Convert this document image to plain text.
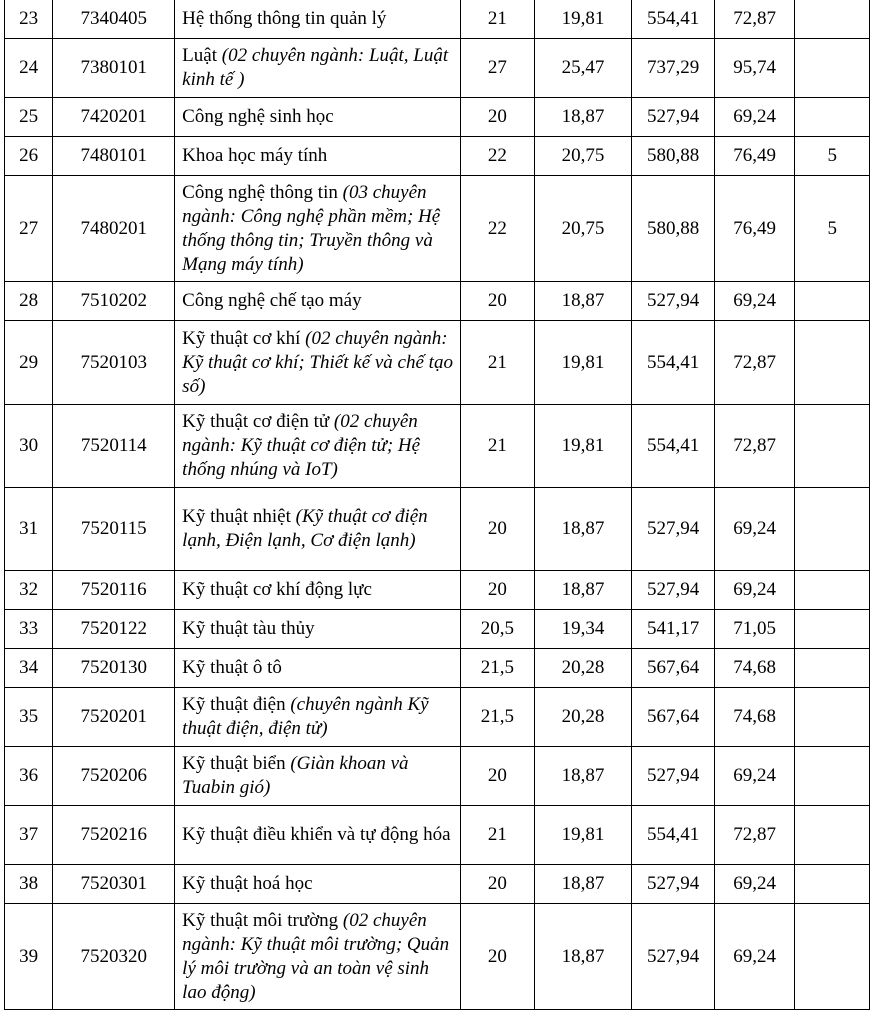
23	7340405	Hệ thống thông tin quản lý	21	19,81	554,41	72,87	
24	7380101	Luật (02 chuyên ngành: Luật, Luật kinh tế )	27	25,47	737,29	95,74	
25	7420201	Công nghệ sinh học	20	18,87	527,94	69,24	
26	7480101	Khoa học máy tính	22	20,75	580,88	76,49	5
27	7480201	Công nghệ thông tin (03 chuyên ngành: Công nghệ phần mềm; Hệ thống thông tin; Truyền thông và Mạng máy tính)	22	20,75	580,88	76,49	5
28	7510202	Công nghệ chế tạo máy	20	18,87	527,94	69,24	
29	7520103	Kỹ thuật cơ khí (02 chuyên ngành: Kỹ thuật cơ khí; Thiết kế và chế tạo số)	21	19,81	554,41	72,87	
30	7520114	Kỹ thuật cơ điện tử (02 chuyên ngành: Kỹ thuật cơ điện tử; Hệ thống nhúng và IoT)	21	19,81	554,41	72,87	
31	7520115	Kỹ thuật nhiệt (Kỹ thuật cơ điện lạnh, Điện lạnh, Cơ điện lạnh)	20	18,87	527,94	69,24	
32	7520116	Kỹ thuật cơ khí động lực	20	18,87	527,94	69,24	
33	7520122	Kỹ thuật tàu thủy	20,5	19,34	541,17	71,05	
34	7520130	Kỹ thuật ô tô	21,5	20,28	567,64	74,68	
35	7520201	Kỹ thuật điện (chuyên ngành Kỹ thuật điện, điện tử)	21,5	20,28	567,64	74,68	
36	7520206	Kỹ thuật biển (Giàn khoan và Tuabin gió)	20	18,87	527,94	69,24	
37	7520216	Kỹ thuật điều khiển và tự động hóa	21	19,81	554,41	72,87	
38	7520301	Kỹ thuật hoá học	20	18,87	527,94	69,24	
39	7520320	Kỹ thuật môi trường (02 chuyên ngành: Kỹ thuật môi trường; Quản lý môi trường và an toàn vệ sinh lao động)	20	18,87	527,94	69,24	
